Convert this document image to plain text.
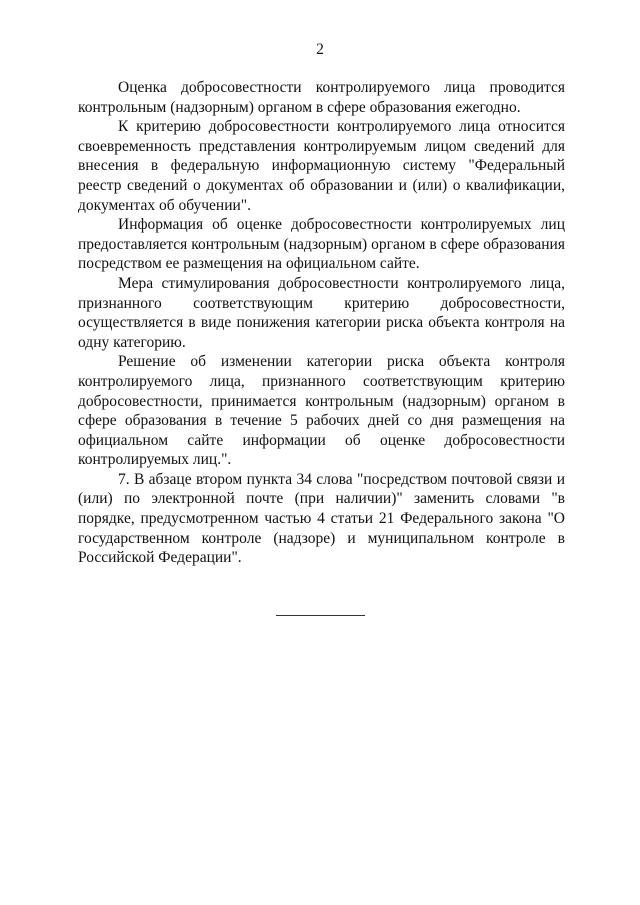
2

Оценка добросовестности контролируемого лица проводится контрольным (надзорным) органом в сфере образования ежегодно.

К критерию добросовестности контролируемого лица относится своевременность представления контролируемым лицом сведений для внесения в федеральную информационную систему "Федеральный реестр сведений о документах об образовании и (или) о квалификации, документах об обучении".

Информация об оценке добросовестности контролируемых лиц предоставляется контрольным (надзорным) органом в сфере образования посредством ее размещения на официальном сайте.

Мера стимулирования добросовестности контролируемого лица, признанного соответствующим критерию добросовестности, осуществляется в виде понижения категории риска объекта контроля на одну категорию.

Решение об изменении категории риска объекта контроля контролируемого лица, признанного соответствующим критерию добросовестности, принимается контрольным (надзорным) органом в сфере образования в течение 5 рабочих дней со дня размещения на официальном сайте информации об оценке добросовестности контролируемых лиц.".

7. В абзаце втором пункта 34 слова "посредством почтовой связи и (или) по электронной почте (при наличии)" заменить словами "в порядке, предусмотренном частью 4 статьи 21 Федерального закона "О государственном контроле (надзоре) и муниципальном контроле в Российской Федерации".
